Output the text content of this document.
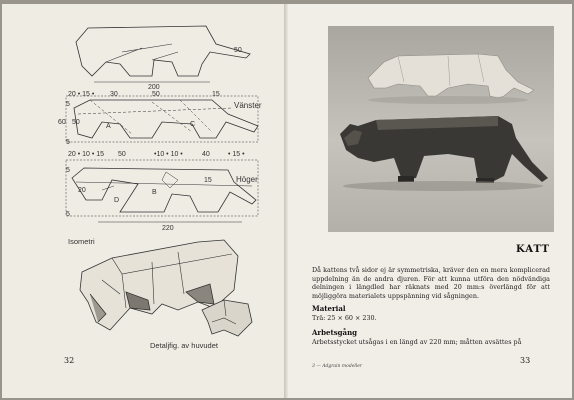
50
200
20 • 15 • 30	50	15
60
5
5
50
20 • 10 • 15 50	•10 • 10 •	40	• 15 •
5
5
20
15
220
A
B
C
D
Vänster
Höger
Isometri
Detaljfig. av huvudet
32
KATT
Då kattens två sidor ej är symmetriska, kräver den en mera komplicerad uppdelning än de andra djuren. För att kunna utföra den nödvändiga delningen i längdled har räknats med 20 mm:s överlängd för att möjliggöra materialets uppspänning vid sågningen.
Material
Trä: 25 × 60 × 230.
Arbetsgång
Arbetsstycket utsågas i en längd av 220 mm; måtten avsättes på
3 — Adgrain modeller
33
